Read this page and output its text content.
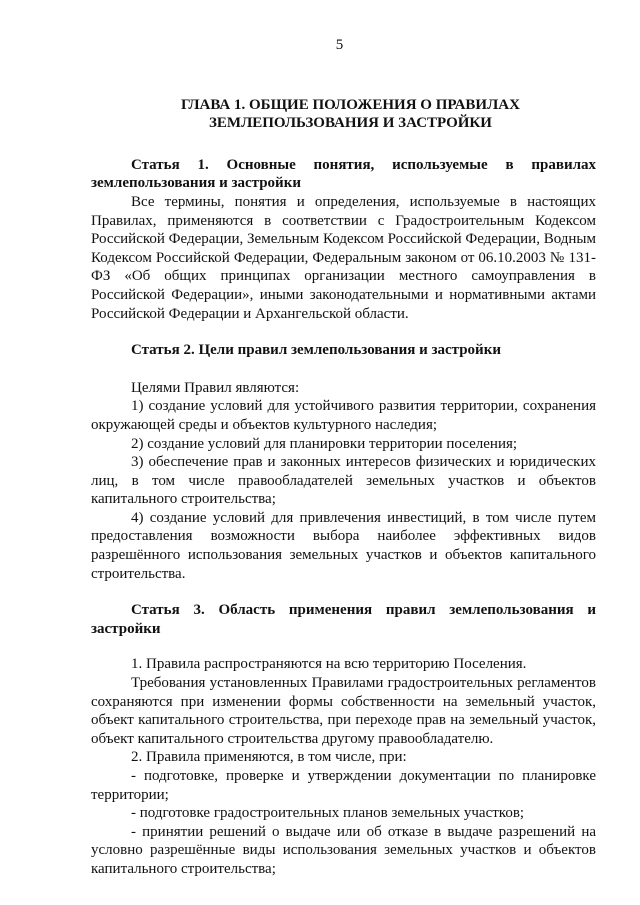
5
ГЛАВА 1. ОБЩИЕ ПОЛОЖЕНИЯ О ПРАВИЛАХ
ЗЕМЛЕПОЛЬЗОВАНИЯ И ЗАСТРОЙКИ

Статья 1. Основные понятия, используемые в правилах землепользования и застройки

Все термины, понятия и определения, используемые в настоящих Правилах, применяются в соответствии с Градостроительным Кодексом Российской Федерации, Земельным Кодексом Российской Федерации, Водным Кодексом Российской Федерации, Федеральным законом от 06.10.2003 № 131-ФЗ «Об общих принципах организации местного самоуправления в Российской Федерации», иными законодательными и нормативными актами Российской Федерации и Архангельской области.

Статья 2. Цели правил землепользования и застройки

Целями Правил являются:

1) создание условий для устойчивого развития территории, сохранения окружающей среды и объектов культурного наследия;

2) создание условий для планировки территории поселения;

3) обеспечение прав и законных интересов физических и юридических лиц, в том числе правообладателей земельных участков и объектов капитального строительства;

4) создание условий для привлечения инвестиций, в том числе путем предоставления возможности выбора наиболее эффективных видов разрешённого использования земельных участков и объектов капитального строительства.

Статья 3. Область применения правил землепользования и застройки

1. Правила распространяются на всю территорию Поселения.

Требования установленных Правилами градостроительных регламентов сохраняются при изменении формы собственности на земельный участок, объект капитального строительства, при переходе прав на земельный участок, объект капитального строительства другому правообладателю.

2. Правила применяются, в том числе, при:

- подготовке, проверке и утверждении документации по планировке территории;

- подготовке градостроительных планов земельных участков;

- принятии решений о выдаче или об отказе в выдаче разрешений на условно разрешённые виды использования земельных участков и объектов капитального строительства;
